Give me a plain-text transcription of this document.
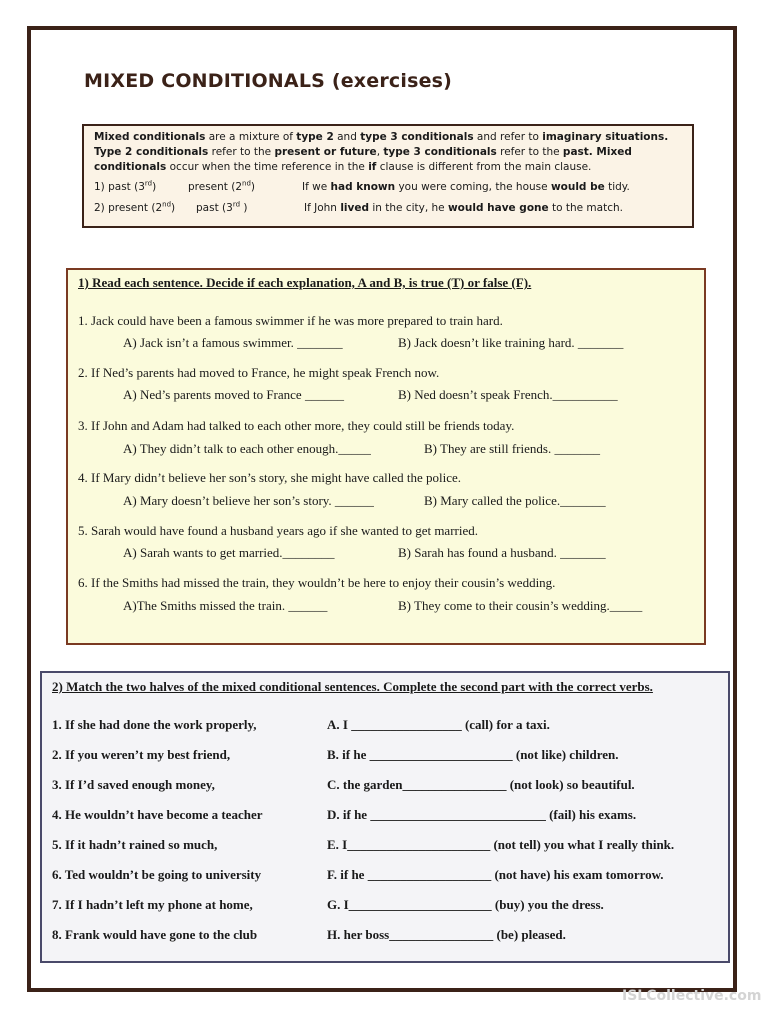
MIXED CONDITIONALS (exercises)

Mixed conditionals are a mixture of type 2 and type 3 conditionals and refer to imaginary situations.

Type 2 conditionals refer to the present or future, type 3 conditionals refer to the past. Mixed

conditionals occur when the time reference in the if clause is different from the main clause.

1) past (3rd)	present (2nd)	If we had known you were coming, the house would be tidy.
2) present (2nd) past (3rd )	If John lived in the city, he would have gone to the match.
1) Read each sentence. Decide if each explanation, A and B, is true (T) or false (F).
1. Jack could have been a famous swimmer if he was more prepared to train hard.
A) Jack isn’t a famous swimmer. _______	B) Jack doesn’t like training hard. _______
2. If Ned’s parents had moved to France, he might speak French now.
A) Ned’s parents moved to France ______	B) Ned doesn’t speak French.__________
3. If John and Adam had talked to each other more, they could still be friends today.
A) They didn’t talk to each other enough._____	B) They are still friends. _______
4. If Mary didn’t believe her son’s story, she might have called the police.
A) Mary doesn’t believe her son’s story. ______	B) Mary called the police._______
5. Sarah would have found a husband years ago if she wanted to get married.
A) Sarah wants to get married.________	B) Sarah has found a husband. _______
6. If the Smiths had missed the train, they wouldn’t be here to enjoy their cousin’s wedding.
A)The Smiths missed the train. ______	B) They come to their cousin’s wedding._____
2) Match the two halves of the mixed conditional sentences. Complete the second part with the correct verbs.
1. If she had done the work properly,	A. I _________________ (call) for a taxi.
2. If you weren’t my best friend,	B. if he ______________________ (not like) children.
3. If I’d saved enough money,	C. the garden________________ (not look) so beautiful.
4. He wouldn’t have become a teacher	D. if he ___________________________ (fail) his exams.
5. If it hadn’t rained so much,	E. I______________________ (not tell) you what I really think.
6. Ted wouldn’t be going to university	F. if he ___________________ (not have) his exam tomorrow.
7. If I hadn’t left my phone at home,	G. I______________________ (buy) you the dress.
8. Frank would have gone to the club	H. her boss________________ (be) pleased.
ISLCollective.com
